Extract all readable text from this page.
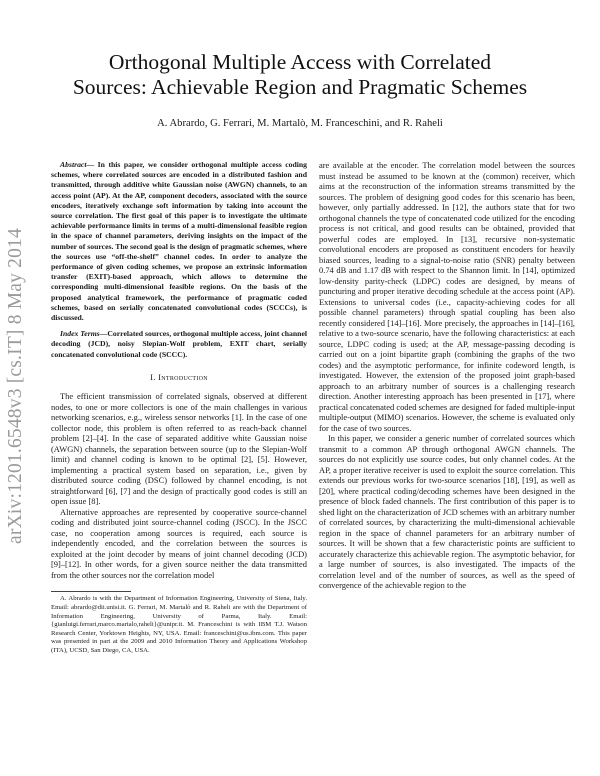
arXiv:1201.6548v3 [cs.IT] 8 May 2014
Orthogonal Multiple Access with Correlated
Sources: Achievable Region and Pragmatic Schemes
A. Abrardo, G. Ferrari, M. Martalò, M. Franceschini, and R. Raheli

Abstract— In this paper, we consider orthogonal multiple access coding schemes, where correlated sources are encoded in a distributed fashion and transmitted, through additive white Gaussian noise (AWGN) channels, to an access point (AP). At the AP, component decoders, associated with the source encoders, iteratively exchange soft information by taking into account the source correlation. The first goal of this paper is to investigate the ultimate achievable performance limits in terms of a multi-dimensional feasible region in the space of channel parameters, deriving insights on the impact of the number of sources. The second goal is the design of pragmatic schemes, where the sources use “off-the-shelf” channel codes. In order to analyze the performance of given coding schemes, we propose an extrinsic information transfer (EXIT)-based approach, which allows to determine the corresponding multi-dimensional feasible regions. On the basis of the proposed analytical framework, the performance of pragmatic coded schemes, based on serially concatenated convolutional codes (SCCCs), is discussed.

Index Terms—Correlated sources, orthogonal multiple access, joint channel decoding (JCD), noisy Slepian-Wolf problem, EXIT chart, serially concatenated convolutional code (SCCC).

I. Introduction

The efficient transmission of correlated signals, observed at different nodes, to one or more collectors is one of the main challenges in various networking scenarios, e.g., wireless sensor networks [1]. In the case of one collector node, this problem is often referred to as reach-back channel problem [2]–[4]. In the case of separated additive white Gaussian noise (AWGN) channels, the separation between source (up to the Slepian-Wolf limit) and channel coding is known to be optimal [2], [5]. However, implementing a practical system based on separation, i.e., given by distributed source coding (DSC) followed by channel encoding, is not straightforward [6], [7] and the design of practically good codes is still an open issue [8].

Alternative approaches are represented by cooperative source-channel coding and distributed joint source-channel coding (JSCC). In the JSCC case, no cooperation among sources is required, each source is independently encoded, and the correlation between the sources is exploited at the joint decoder by means of joint channel decoding (JCD) [9]–[12]. In other words, for a given source neither the data transmitted from the other sources nor the correlation model

A. Abrardo is with the Department of Information Engineering, University of Siena, Italy. Email: abrardo@dii.unisi.it. G. Ferrari, M. Martalò and R. Raheli are with the Department of Information Engineering, University of Parma, Italy. Email: {gianluigi.ferrari,marco.martalo,raheli}@unipr.it. M. Franceschini is with IBM T.J. Watson Research Center, Yorktown Heights, NY, USA. Email: franceschini@us.ibm.com. This paper was presented in part at the 2009 and 2010 Information Theory and Applications Workshop (ITA), UCSD, San Diego, CA, USA.

are available at the encoder. The correlation model between the sources must instead be assumed to be known at the (common) receiver, which aims at the reconstruction of the information streams transmitted by the sources. The problem of designing good codes for this scenario has been, however, only partially addressed. In [12], the authors state that for two orthogonal channels the type of concatenated code utilized for the encoding process is not critical, and good results can be obtained, provided that powerful codes are employed. In [13], recursive non-systematic convolutional encoders are proposed as constituent encoders for heavily biased sources, leading to a signal-to-noise ratio (SNR) penalty between 0.74 dB and 1.17 dB with respect to the Shannon limit. In [14], optimized low-density parity-check (LDPC) codes are designed, by means of puncturing and proper iterative decoding schedule at the access point (AP). Extensions to universal codes (i.e., capacity-achieving codes for all possible channel parameters) through spatial coupling has been also recently considered [14]–[16]. More precisely, the approaches in [14]–[16], relative to a two-source scenario, have the following characteristics: at each source, LDPC coding is used; at the AP, message-passing decoding is carried out on a joint bipartite graph (combining the graphs of the two codes) and the asymptotic performance, for infinite codeword length, is investigated. However, the extension of the proposed joint graph-based approach to an arbitrary number of sources is a challenging research direction. Another interesting approach has been presented in [17], where practical concatenated coded schemes are designed for faded multiple-input multiple-output (MIMO) scenarios. However, the scheme is evaluated only for the case of two sources.

In this paper, we consider a generic number of correlated sources which transmit to a common AP through orthogonal AWGN channels. The sources do not explicitly use source codes, but only channel codes. At the AP, a proper iterative receiver is used to exploit the source correlation. This extends our previous works for two-source scenarios [18], [19], as well as [20], where practical coding/decoding schemes have been designed in the presence of block faded channels. The first contribution of this paper is to shed light on the characterization of JCD schemes with an arbitrary number of correlated sources, by characterizing the multi-dimensional achievable region in the space of channel parameters for an arbitrary number of sources. It will be shown that a few characteristic points are sufficient to accurately characterize this achievable region. The asymptotic behavior, for a large number of sources, is also investigated. The impacts of the correlation level and of the number of sources, as well as the speed of convergence of the achievable region to the
